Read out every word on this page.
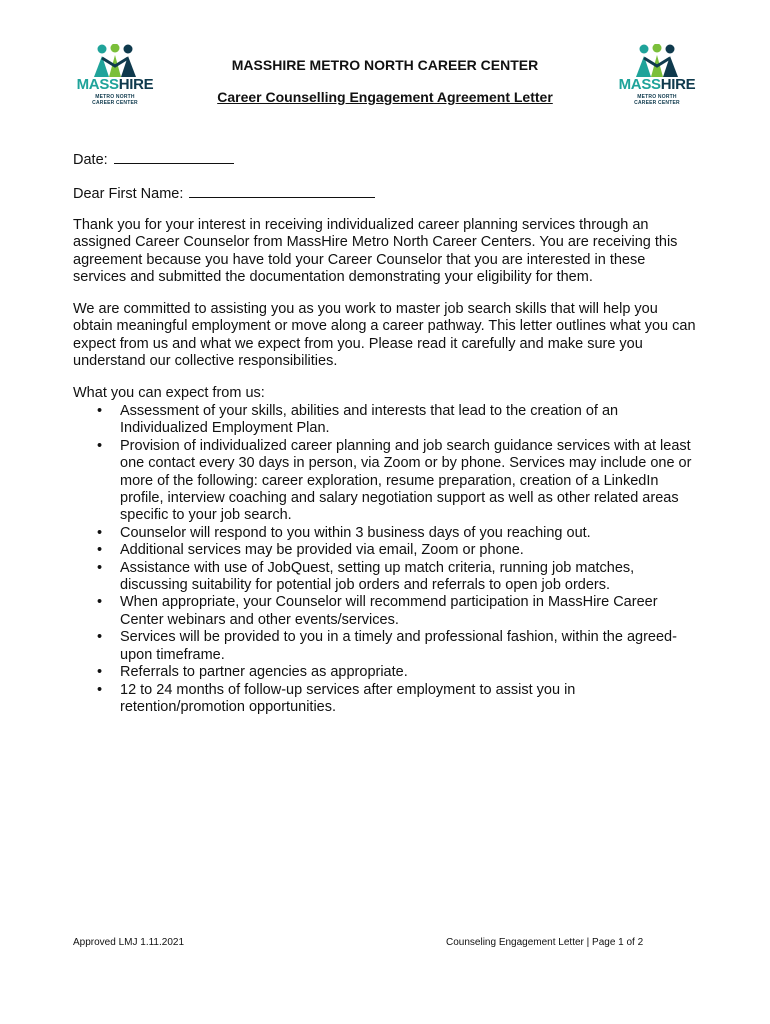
MASSHIRE
METRO NORTH
CAREER CENTER
MASSHIRE
METRO NORTH
CAREER CENTER
MASSHIRE METRO NORTH CAREER CENTER
Career Counselling Engagement Agreement Letter
Date:
Dear First Name:

Thank you for your interest in receiving individualized career planning services through an assigned Career Counselor from MassHire Metro North Career Centers. You are receiving this agreement because you have told your Career Counselor that you are interested in these services and submitted the documentation demonstrating your eligibility for them.

We are committed to assisting you as you work to master job search skills that will help you obtain meaningful employment or move along a career pathway. This letter outlines what you can expect from us and what we expect from you. Please read it carefully and make sure you understand our collective responsibilities.

What you can expect from us:

• Assessment of your skills, abilities and interests that lead to the creation of an Individualized Employment Plan.
• Provision of individualized career planning and job search guidance services with at least one contact every 30 days in person, via Zoom or by phone. Services may include one or more of the following: career exploration, resume preparation, creation of a LinkedIn profile, interview coaching and salary negotiation support as well as other related areas specific to your job search.
• Counselor will respond to you within 3 business days of you reaching out.
• Additional services may be provided via email, Zoom or phone.
• Assistance with use of JobQuest, setting up match criteria, running job matches, discussing suitability for potential job orders and referrals to open job orders.
• When appropriate, your Counselor will recommend participation in MassHire Career Center webinars and other events/services.
• Services will be provided to you in a timely and professional fashion, within the agreed-upon timeframe.
• Referrals to partner agencies as appropriate.
• 12 to 24 months of follow-up services after employment to assist you in retention/promotion opportunities.
Approved LMJ 1.11.2021	Counseling Engagement Letter | Page 1 of 2
